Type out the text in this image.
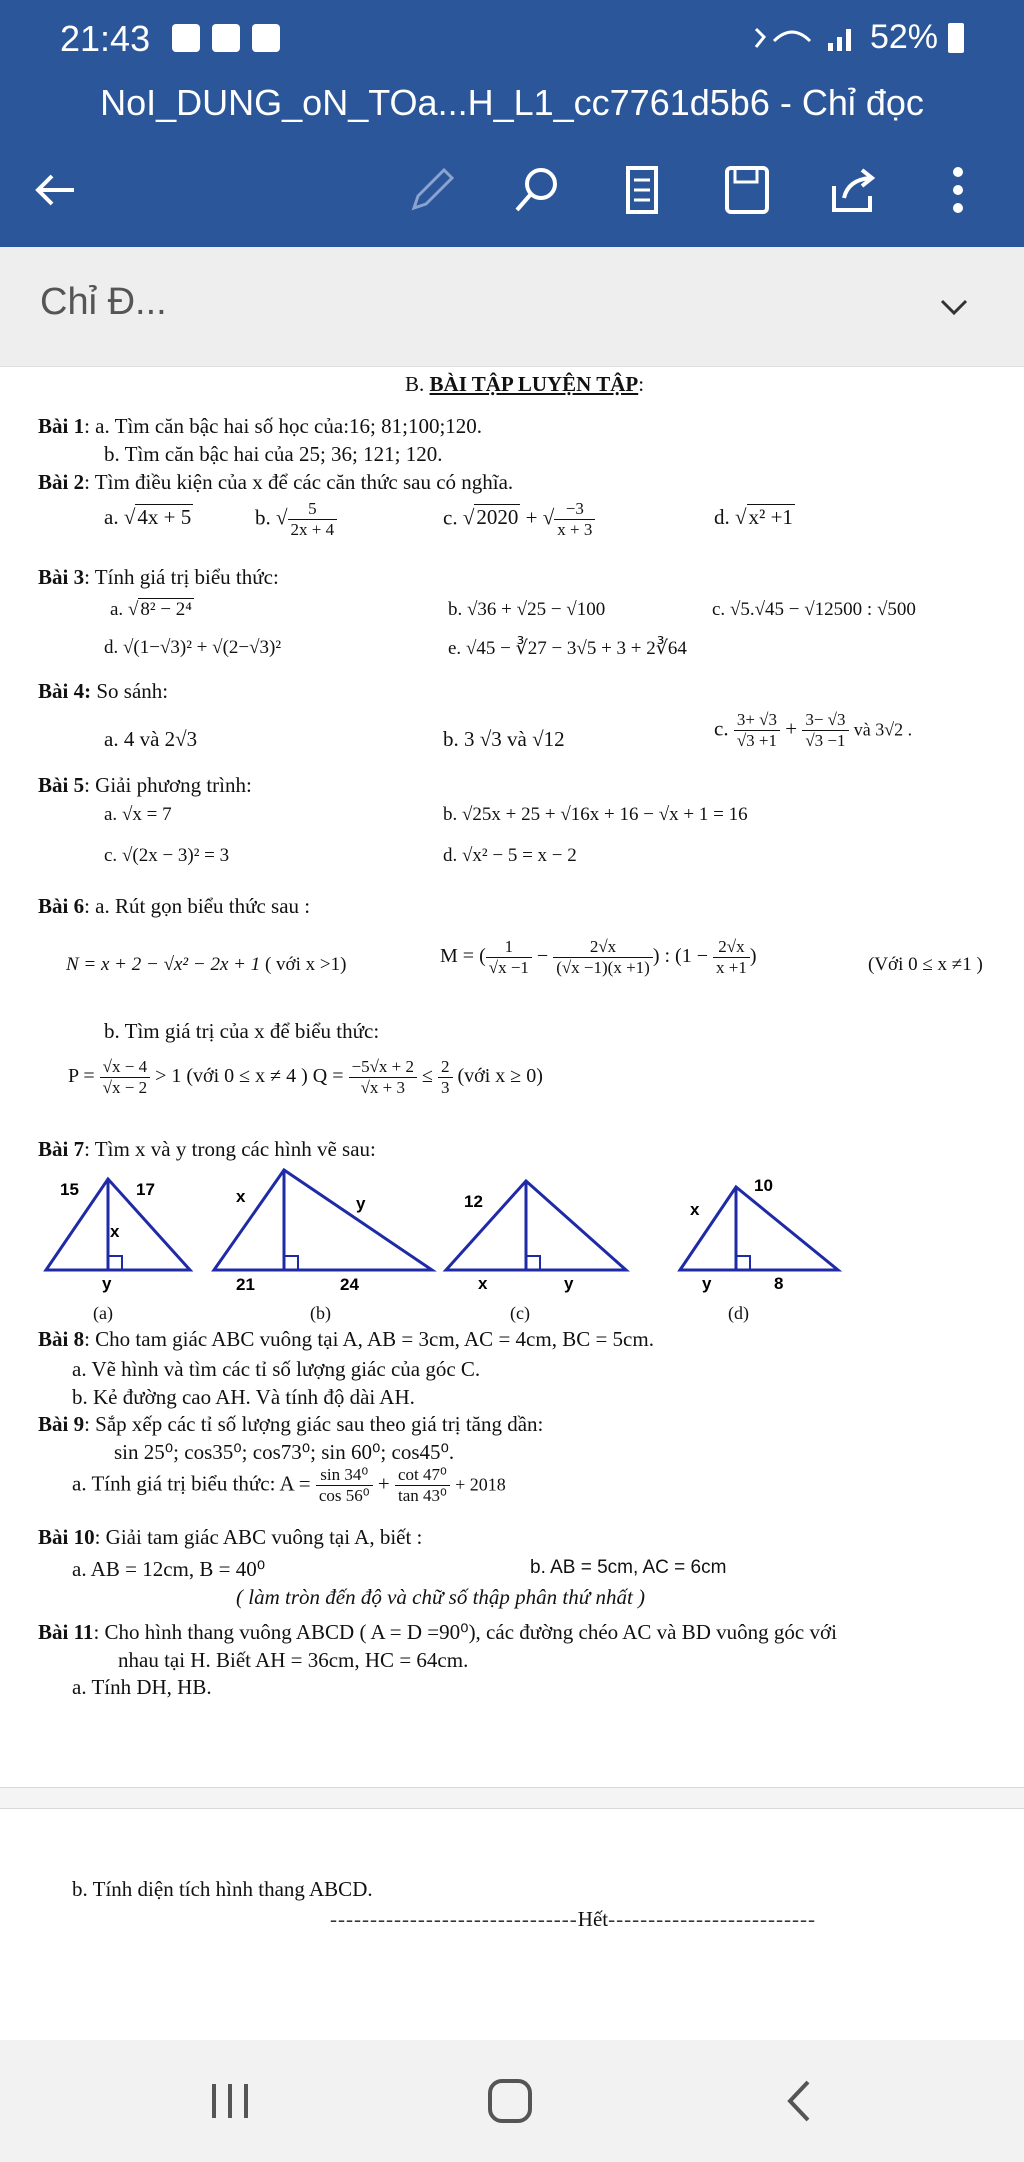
21:43	52%
NoI_DUNG_oN_TOa...H_L1_cc7761d5b6 - Chỉ đọc
Chỉ Đ...
B. BÀI TẬP LUYỆN TẬP:
Bài 1: a. Tìm căn bậc hai số học của:16; 81;100;120.
b. Tìm căn bậc hai của 25; 36; 121; 120.
Bài 2: Tìm điều kiện của x để các căn thức sau có nghĩa.
a. √4x + 5	b. √ $\frac{5}{2x + 4}$	c. √2020 + √ $\frac{-3}{x + 3}$	d. √x² +1
Bài 3: Tính giá trị biểu thức:
a. √ 8² − 2⁴	b. √36 + √25 − √100	c. √5.√45 − √12500 : √500
d. √(1−√3)² + √(2−√3)²	e. √45 − ∛27 − 3√5 + 3 + 2∛64
Bài 4: So sánh:
a. 4 và 2√3	b. 3 √3 và √12	c. $\frac{3+ √3}{√3 +1} + \frac{3- √3}{√3 -1}$ và 3√2 .
Bài 5: Giải phương trình:
a. √x = 7	b. √25x + 25 + √16x + 16 − √x + 1 = 16
c. √(2x − 3)² = 3	d. √x² − 5 = x − 2
Bài 6: a. Rút gọn biểu thức sau :
N = x + 2 − √x² − 2x + 1 ( với x >1)	M = ( $\frac{1}{√x -1} - \frac{2√x}{(√x -1)(x +1)}$ ) : ($1 - \frac{2√x}{x +1}$ )	(Với 0 ≤ x ≠1 )
b. Tìm giá trị của x để biểu thức:
$P = \frac{√x - 4}{√x - 2} > 1$ (với 0 ≤ x ≠ 4 ) $Q = \frac{-5√x + 2}{√x + 3} \le \frac{2}{3}$ (với x ≥ 0)
Bài 7: Tìm x và y trong các hình vẽ sau:
15	17
x
y
x	y
21	24
12
x	y
10
x
y	8
(a)	(b)	(c)	(d)
Bài 8: Cho tam giác ABC vuông tại A, AB = 3cm, AC = 4cm, BC = 5cm.
a. Vẽ hình và tìm các tỉ số lượng giác của góc C.
b. Kẻ đường cao AH. Và tính độ dài AH.
Bài 9: Sắp xếp các tỉ số lượng giác sau theo giá trị tăng dần:
sin 25⁰; cos35⁰; cos73⁰; sin 60⁰; cos45⁰.
a. Tính giá trị biểu thức: $A = \frac{\text{sin 34⁰}}{\text{cos 56⁰}} + \frac{\text{cot 47⁰}}{\text{tan 43⁰}} + 2018$
Bài 10: Giải tam giác ABC vuông tại A, biết :
a. AB = 12cm, B = 40⁰	b. AB = 5cm, AC = 6cm
( làm tròn đến độ và chữ số thập phân thứ nhất )
Bài 11: Cho hình thang vuông ABCD ( A = D =90⁰), các đường chéo AC và BD vuông góc với
nhau tại H. Biết AH = 36cm, HC = 64cm.
a. Tính DH, HB.
b. Tính diện tích hình thang ABCD.
-------------------------------Hết--------------------------
